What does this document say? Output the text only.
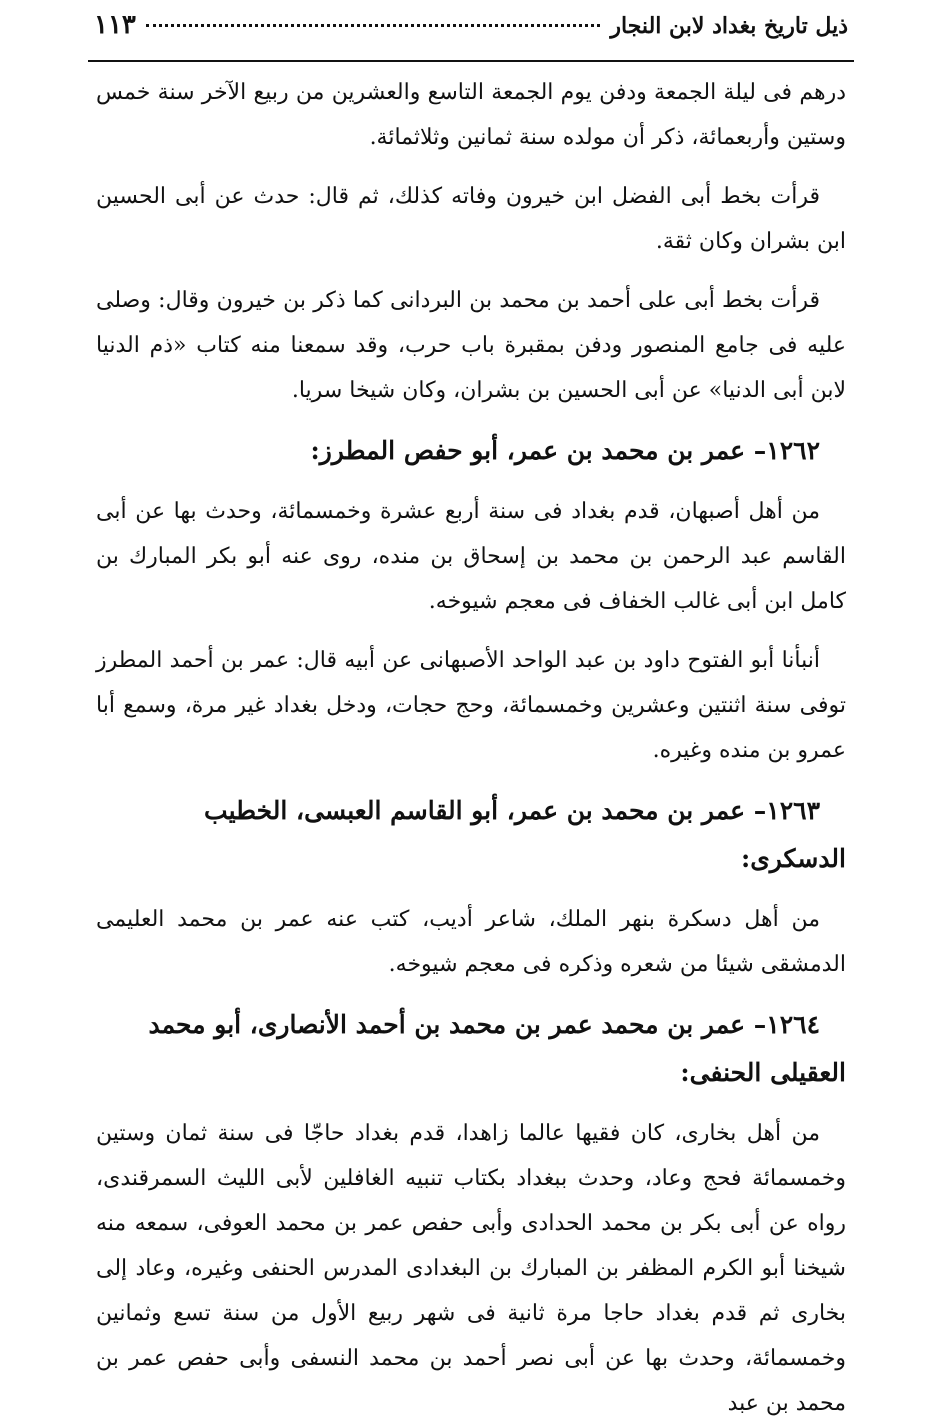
ذيل تاريخ بغداد لابن النجار
١١٣

درهم فى ليلة الجمعة ودفن يوم الجمعة التاسع والعشرين من ربيع الآخر سنة خمس وستين وأربعمائة، ذكر أن مولده سنة ثمانين وثلاثمائة.

قرأت بخط أبى الفضل ابن خيرون وفاته كذلك، ثم قال: حدث عن أبى الحسين ابن بشران وكان ثقة.

قرأت بخط أبى على أحمد بن محمد بن البردانى كما ذكر بن خيرون وقال: وصلى عليه فى جامع المنصور ودفن بمقبرة باب حرب، وقد سمعنا منه كتاب «ذم الدنيا لابن أبى الدنيا» عن أبى الحسين بن بشران، وكان شيخا سريا.

١٢٦٢– عمر بن محمد بن عمر، أبو حفص المطرز:

من أهل أصبهان، قدم بغداد فى سنة أربع عشرة وخمسمائة، وحدث بها عن أبى القاسم عبد الرحمن بن محمد بن إسحاق بن منده، روى عنه أبو بكر المبارك بن كامل ابن أبى غالب الخفاف فى معجم شيوخه.

أنبأنا أبو الفتوح داود بن عبد الواحد الأصبهانى عن أبيه قال: عمر بن أحمد المطرز توفى سنة اثنتين وعشرين وخمسمائة، وحج حجات، ودخل بغداد غير مرة، وسمع أبا عمرو بن منده وغيره.

١٢٦٣– عمر بن محمد بن عمر، أبو القاسم العبسى، الخطيب الدسكرى:

من أهل دسكرة بنهر الملك، شاعر أديب، كتب عنه عمر بن محمد العليمى الدمشقى شيئا من شعره وذكره فى معجم شيوخه.

١٢٦٤– عمر بن محمد عمر بن محمد بن أحمد الأنصارى، أبو محمد العقيلى الحنفى:

من أهل بخارى، كان فقيها عالما زاهدا، قدم بغداد حاجّا فى سنة ثمان وستين وخمسمائة فحج وعاد، وحدث ببغداد بكتاب تنبيه الغافلين لأبى الليث السمرقندى، رواه عن أبى بكر بن محمد الحدادى وأبى حفص عمر بن محمد العوفى، سمعه منه شيخنا أبو الكرم المظفر بن المبارك بن البغدادى المدرس الحنفى وغيره، وعاد إلى بخارى ثم قدم بغداد حاجا مرة ثانية فى شهر ربيع الأول من سنة تسع وثمانين وخمسمائة، وحدث بها عن أبى نصر أحمد بن محمد النسفى وأبى حفص عمر بن محمد بن عبد
